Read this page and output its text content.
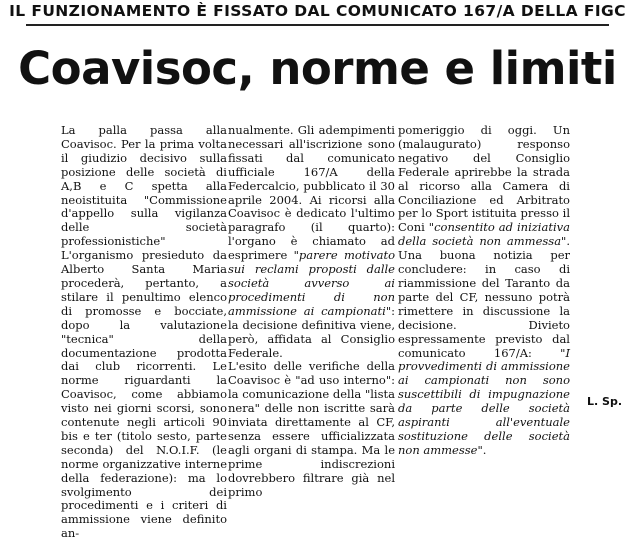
IL FUNZIONAMENTO È FISSATO DAL COMUNICATO 167/A DELLA FIGC
Coavisoc, norme e limiti

La palla passa alla Coavisoc. Per la prima volta il giudizio decisivo sulla posizione delle società di A,B e C spetta alla neoistituita "Commissione d'appello sulla vigilanza delle società professionistiche" L'organismo presieduto da Alberto Santa Maria procederà, pertanto, a stilare il penultimo elenco di promosse e bocciate, dopo la valutazione "tecnica" della documentazione prodotta dai club ricorrenti. Le norme riguardanti la Coavisoc, come abbiamo visto nei giorni scorsi, sono contenute negli articoli 90 bis e ter (titolo sesto, parte seconda) del N.O.I.F. (le norme organizzative interne della federazione): ma lo svolgimento dei procedimenti e i criteri di ammissione viene definito an-

nualmente. Gli adempimenti necessari all'iscrizione sono fissati dal comunicato ufficiale 167/A della Federcalcio, pubblicato il 30 aprile 2004. Ai ricorsi alla Coavisoc è dedicato l'ultimo paragrafo (il quarto): l'organo è chiamato ad esprimere "parere motivato sui reclami proposti dalle società avverso ai procedimenti di non ammissione ai campionati": la decisione definitiva viene, però, affidata al Consiglio Federale.

L'esito delle verifiche della Coavisoc è "ad uso interno": la comunicazione della "lista nera" delle non iscritte sarà inviata direttamente al CF, senza essere ufficializzata agli organi di stampa. Ma le prime indiscrezioni dovrebbero filtrare già nel primo

pomeriggio di oggi. Un (malaugurato) responso negativo del Consiglio Federale aprirebbe la strada al ricorso alla Camera di Conciliazione ed Arbitrato per lo Sport istituita presso il Coni "consentito ad iniziativa della società non ammessa". Una buona notizia per concludere: in caso di riammissione del Taranto da parte del CF, nessuno potrà rimettere in discussione la decisione. Divieto espressamente previsto dal comunicato 167/A: "I provvedimenti di ammissione ai campionati non sono suscettibili di impugnazione da parte delle società aspiranti all'eventuale sostituzione delle società non ammesse".

L. Sp.
